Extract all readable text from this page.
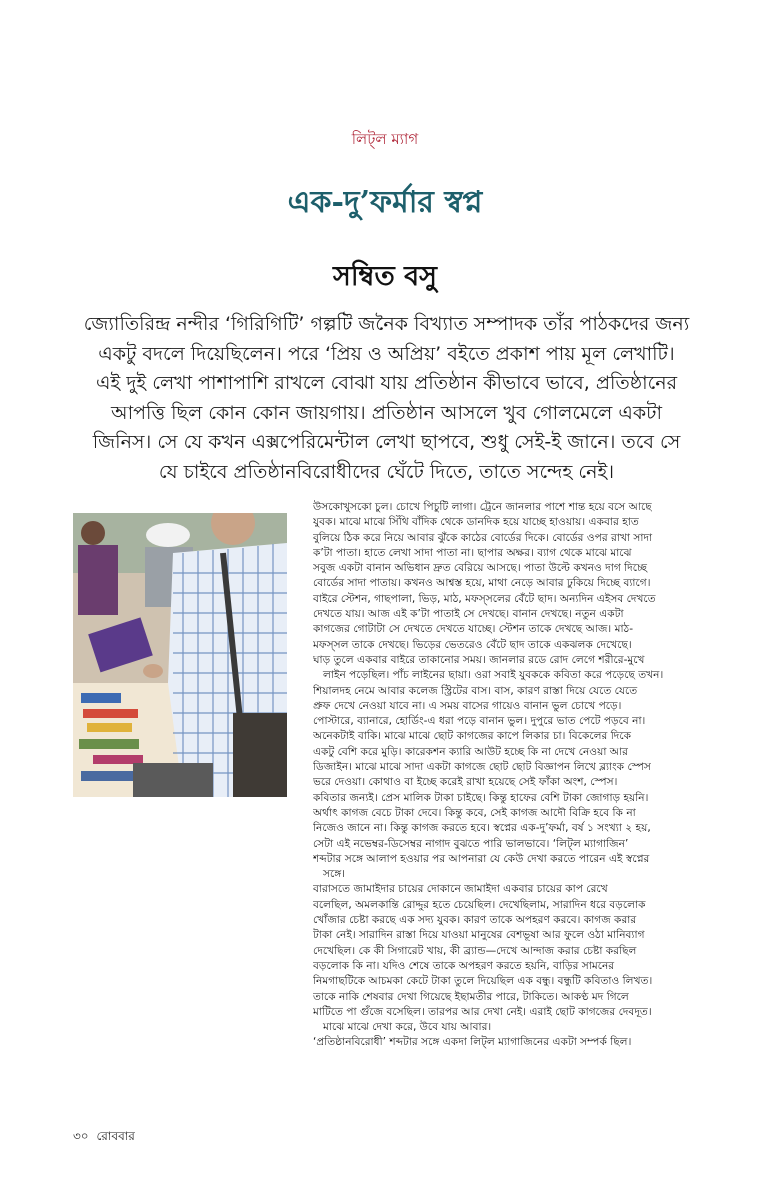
লিট্‌ল ম্যাগ
এক-দু’ফর্মার স্বপ্ন
সম্বিত বসু
জ্যোতিরিন্দ্র নন্দীর ‘গিরিগিটি’ গল্পটি জনৈক বিখ্যাত সম্পাদক তাঁর পাঠকদের জন্য
একটু বদলে দিয়েছিলেন। পরে ‘প্রিয় ও অপ্রিয়’ বইতে প্রকাশ পায় মূল লেখাটি।
এই দুই লেখা পাশাপাশি রাখলে বোঝা যায় প্রতিষ্ঠান কীভাবে ভাবে, প্রতিষ্ঠানের
আপত্তি ছিল কোন কোন জায়গায়। প্রতিষ্ঠান আসলে খুব গোলমেলে একটা
জিনিস। সে যে কখন এক্সপেরিমেন্টাল লেখা ছাপবে, শুধু সেই-ই জানে। তবে সে
যে চাইবে প্রতিষ্ঠানবিরোধীদের ঘেঁটে দিতে, তাতে সন্দেহ নেই।
উসকোখুসকো চুল। চোখে পিচুটি লাগা। ট্রেনে জানলার পাশে শান্ত হয়ে বসে আছে
যুবক। মাঝে মাঝে সিঁথি বাঁদিক থেকে ডানদিক হয়ে যাচ্ছে হাওয়ায়। একবার হাত
বুলিয়ে ঠিক করে নিয়ে আবার ঝুঁকে কাঠের বোর্ডের দিকে। বোর্ডের ওপর রাখা সাদা
ক’টা পাতা। হাতে লেখা সাদা পাতা না। ছাপার অক্ষর। ব্যাগ থেকে মাঝে মাঝে
সবুজ একটা বানান অভিধান দ্রুত বেরিয়ে আসছে। পাতা উল্টে কখনও দাগ দিচ্ছে
বোর্ডের সাদা পাতায়। কখনও আশ্বস্ত হয়ে, মাথা নেড়ে আবার ঢুকিয়ে দিচ্ছে ব্যাগে।
বাইরে স্টেশন, গাছপালা, ভিড়, মাঠ, মফস্‌সলের বেঁটে ছাদ। অন্যদিন এইসব দেখতে
দেখতে যায়। আজ এই ক’টা পাতাই সে দেখছে। বানান দেখছে। নতুন একটা
কাগজের গোটাটা সে দেখতে দেখতে যাচ্ছে। স্টেশন তাকে দেখছে আজ। মাঠ-
মফস্‌সল তাকে দেখছে। ভিড়ের ভেতরেও বেঁটে ছাদ তাকে একঝলক দেখেছে।
ঘাড় তুলে একবার বাইরে তাকানোর সময়। জানলার রডে রোদ লেগে শরীরে-মুখে
লাইন পড়েছিল। পাঁচ লাইনের ছায়া। ওরা সবাই যুবককে কবিতা করে পড়েছে তখন।
শিয়ালদহ নেমে আবার কলেজ স্ট্রিটের বাস। বাস, কারণ রাস্তা দিয়ে যেতে যেতে
প্রুফ দেখে নেওয়া যাবে না। এ সময় বাসের গায়েও বানান ভুল চোখে পড়ে।
পোস্টারে, ব্যানারে, হোর্ডিং-এ ধরা পড়ে বানান ভুল। দুপুরে ভাত পেটে পড়বে না।
অনেকটাই বাকি। মাঝে মাঝে ছোট কাগজের কাপে লিকার চা। বিকেলের দিকে
একটু বেশি করে মুড়ি। কারেকশন ক্যারি আউট হচ্ছে কি না দেখে নেওয়া আর
ডিজাইন। মাঝে মাঝে সাদা একটা কাগজে ছোট ছোট বিজ্ঞাপন লিখে ব্ল্যাংক স্পেস
ভরে দেওয়া। কোথাও বা ইচ্ছে করেই রাখা হয়েছে সেই ফাঁকা অংশ, স্পেস।
কবিতার জন্যই। প্রেস মালিক টাকা চাইছে। কিন্তু হাফের বেশি টাকা জোগাড় হয়নি।
অর্থাৎ কাগজ বেচে টাকা দেবে। কিন্তু কবে, সেই কাগজ আদৌ বিক্রি হবে কি না
নিজেও জানে না। কিন্তু কাগজ করতে হবে। স্বপ্নের এক-দু’ফর্মা, বর্ষ ১ সংখ্যা ২ হয়,
সেটা এই নভেম্বর-ডিসেম্বর নাগাদ বুঝতে পারি ভালভাবে। ‘লিট্‌ল ম্যাগাজিন’
শব্দটার সঙ্গে আলাপ হওয়ার পর আপনারা যে কেউ দেখা করতে পারেন এই স্বপ্নের
সঙ্গে।
বারাসতে জামাইদার চায়ের দোকানে জামাইদা একবার চায়ের কাপ রেখে
বলেছিল, অমলকান্তি রোদ্দুর হতে চেয়েছিল। দেখেছিলাম, সারাদিন ধরে বড়লোক
খোঁজার চেষ্টা করছে এক সদ্য যুবক। কারণ তাকে অপহরণ করবে। কাগজ করার
টাকা নেই। সারাদিন রাস্তা দিয়ে যাওয়া মানুষের বেশভূষা আর ফুলে ওঠা মানিব্যাগ
দেখেছিল। কে কী সিগারেট খায়, কী ব্র্যান্ড—দেখে আন্দাজ করার চেষ্টা করছিল
বড়লোক কি না। যদিও শেষে তাকে অপহরণ করতে হয়নি, বাড়ির সামনের
নিমগাছটিকে আচমকা কেটে টাকা তুলে দিয়েছিল এক বন্ধু। বন্ধুটি কবিতাও লিখত।
তাকে নাকি শেষবার দেখা গিয়েছে ইছামতীর পারে, টাকিতে। আকণ্ঠ মদ গিলে
মাটিতে পা গুঁজে বসেছিল। তারপর আর দেখা নেই। এরাই ছোট কাগজের দেবদূত।
মাঝে মাঝে দেখা করে, উবে যায় আবার।
‘প্রতিষ্ঠানবিরোধী’ শব্দটার সঙ্গে একদা লিট্‌ল ম্যাগাজিনের একটা সম্পর্ক ছিল।
৩০ রোববার
